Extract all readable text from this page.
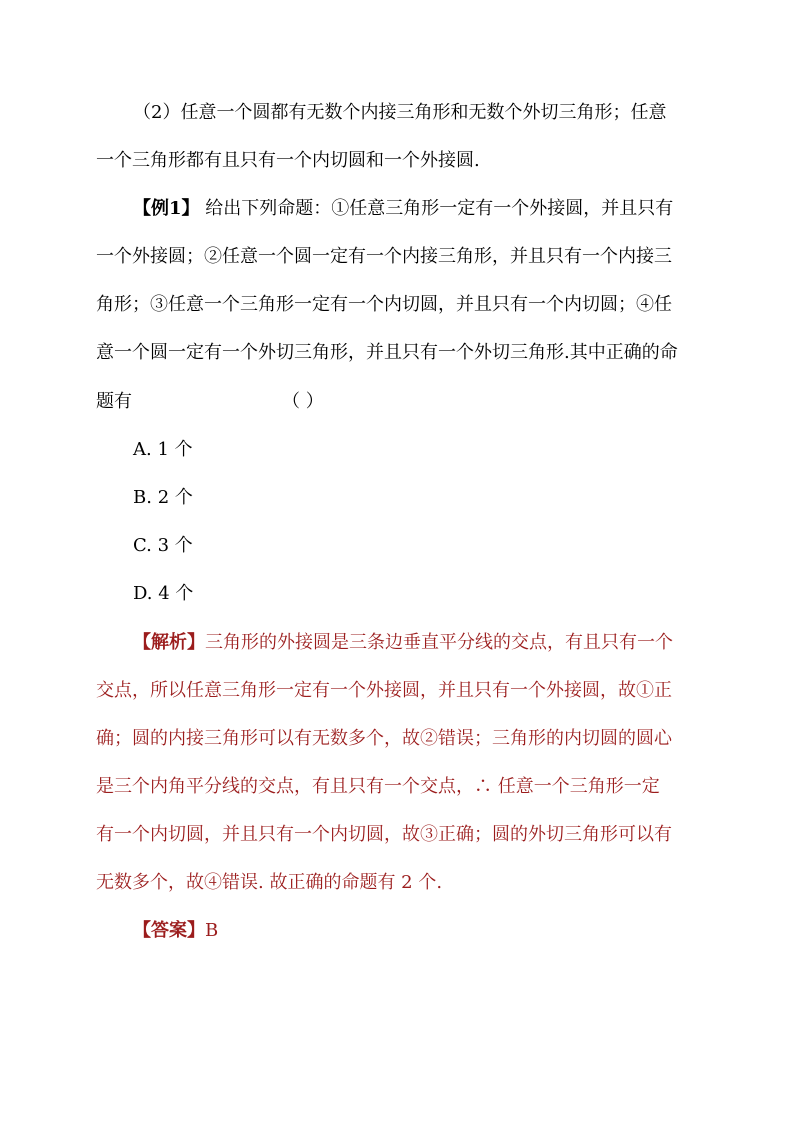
（2）任意一个圆都有无数个内接三角形和无数个外切三角形；任意
一个三角形都有且只有一个内切圆和一个外接圆.
【例1】 给出下列命题：①任意三角形一定有一个外接圆，并且只有
一个外接圆；②任意一个圆一定有一个内接三角形，并且只有一个内接三
角形；③任意一个三角形一定有一个内切圆，并且只有一个内切圆；④任
意一个圆一定有一个外切三角形，并且只有一个外切三角形.其中正确的命
题有	（ ）
A. 1 个
B. 2 个
C. 3 个
D. 4 个
【解析】三角形的外接圆是三条边垂直平分线的交点，有且只有一个
交点，所以任意三角形一定有一个外接圆，并且只有一个外接圆，故①正
确；圆的内接三角形可以有无数多个，故②错误；三角形的内切圆的圆心
是三个内角平分线的交点，有且只有一个交点，∴ 任意一个三角形一定
有一个内切圆，并且只有一个内切圆，故③正确；圆的外切三角形可以有
无数多个，故④错误. 故正确的命题有 2 个.
【答案】B
